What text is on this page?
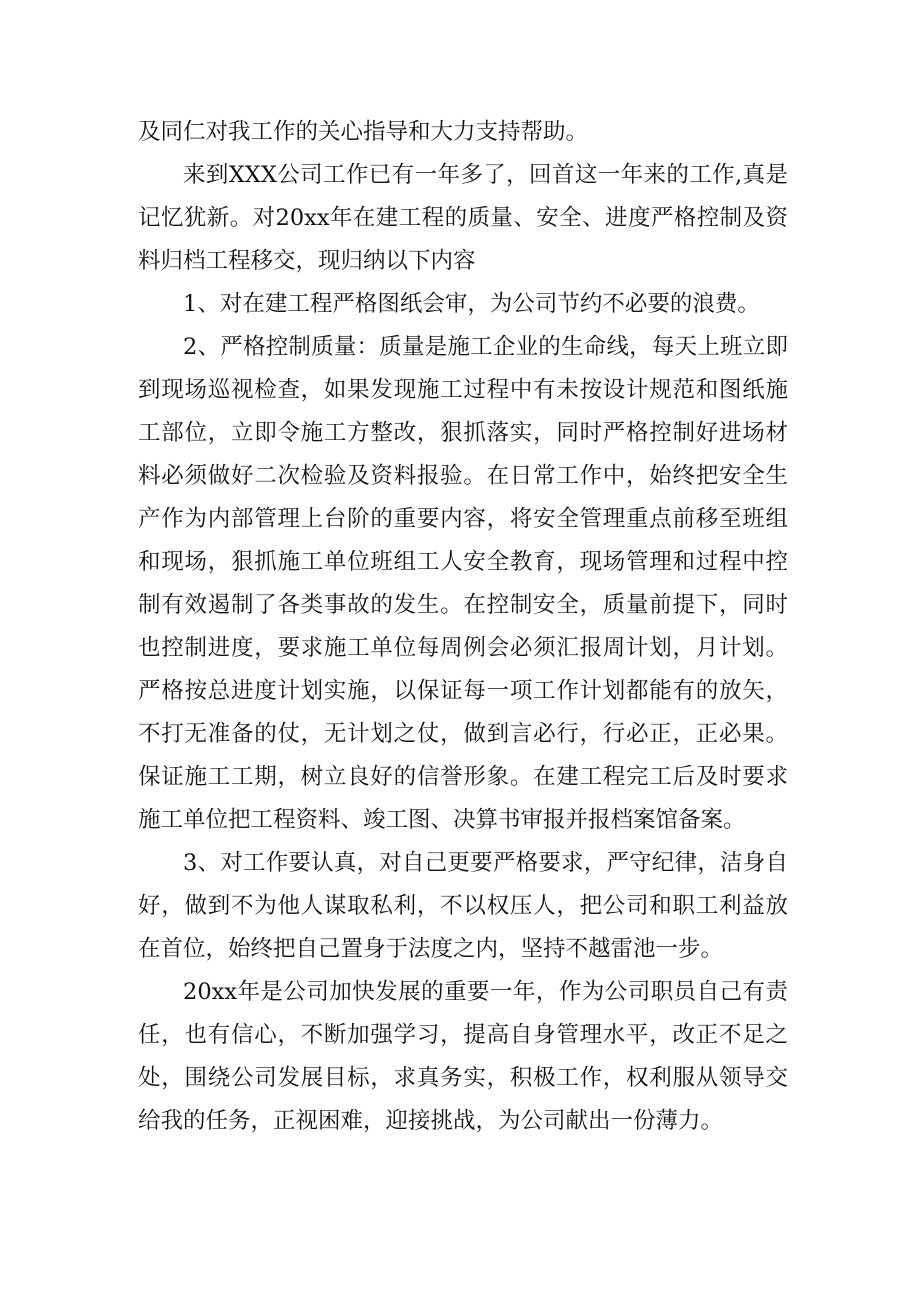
及同仁对我工作的关心指导和大力支持帮助。

来到XXX公司工作已有一年多了，回首这一年来的工作,真是记忆犹新。对20xx年在建工程的质量、安全、进度严格控制及资料归档工程移交，现归纳以下内容

1、对在建工程严格图纸会审，为公司节约不必要的浪费。

2、严格控制质量：质量是施工企业的生命线，每天上班立即到现场巡视检查，如果发现施工过程中有未按设计规范和图纸施工部位，立即令施工方整改，狠抓落实，同时严格控制好进场材料必须做好二次检验及资料报验。在日常工作中，始终把安全生产作为内部管理上台阶的重要内容，将安全管理重点前移至班组和现场，狠抓施工单位班组工人安全教育，现场管理和过程中控制有效遏制了各类事故的发生。在控制安全，质量前提下，同时也控制进度，要求施工单位每周例会必须汇报周计划，月计划。严格按总进度计划实施，以保证每一项工作计划都能有的放矢，不打无准备的仗，无计划之仗，做到言必行，行必正，正必果。保证施工工期，树立良好的信誉形象。在建工程完工后及时要求施工单位把工程资料、竣工图、决算书审报并报档案馆备案。

3、对工作要认真，对自己更要严格要求，严守纪律，洁身自好，做到不为他人谋取私利，不以权压人，把公司和职工利益放在首位，始终把自己置身于法度之内，坚持不越雷池一步。

20xx年是公司加快发展的重要一年，作为公司职员自己有责任，也有信心，不断加强学习，提高自身管理水平，改正不足之处，围绕公司发展目标，求真务实，积极工作，权利服从领导交给我的任务，正视困难，迎接挑战，为公司献出一份薄力。
